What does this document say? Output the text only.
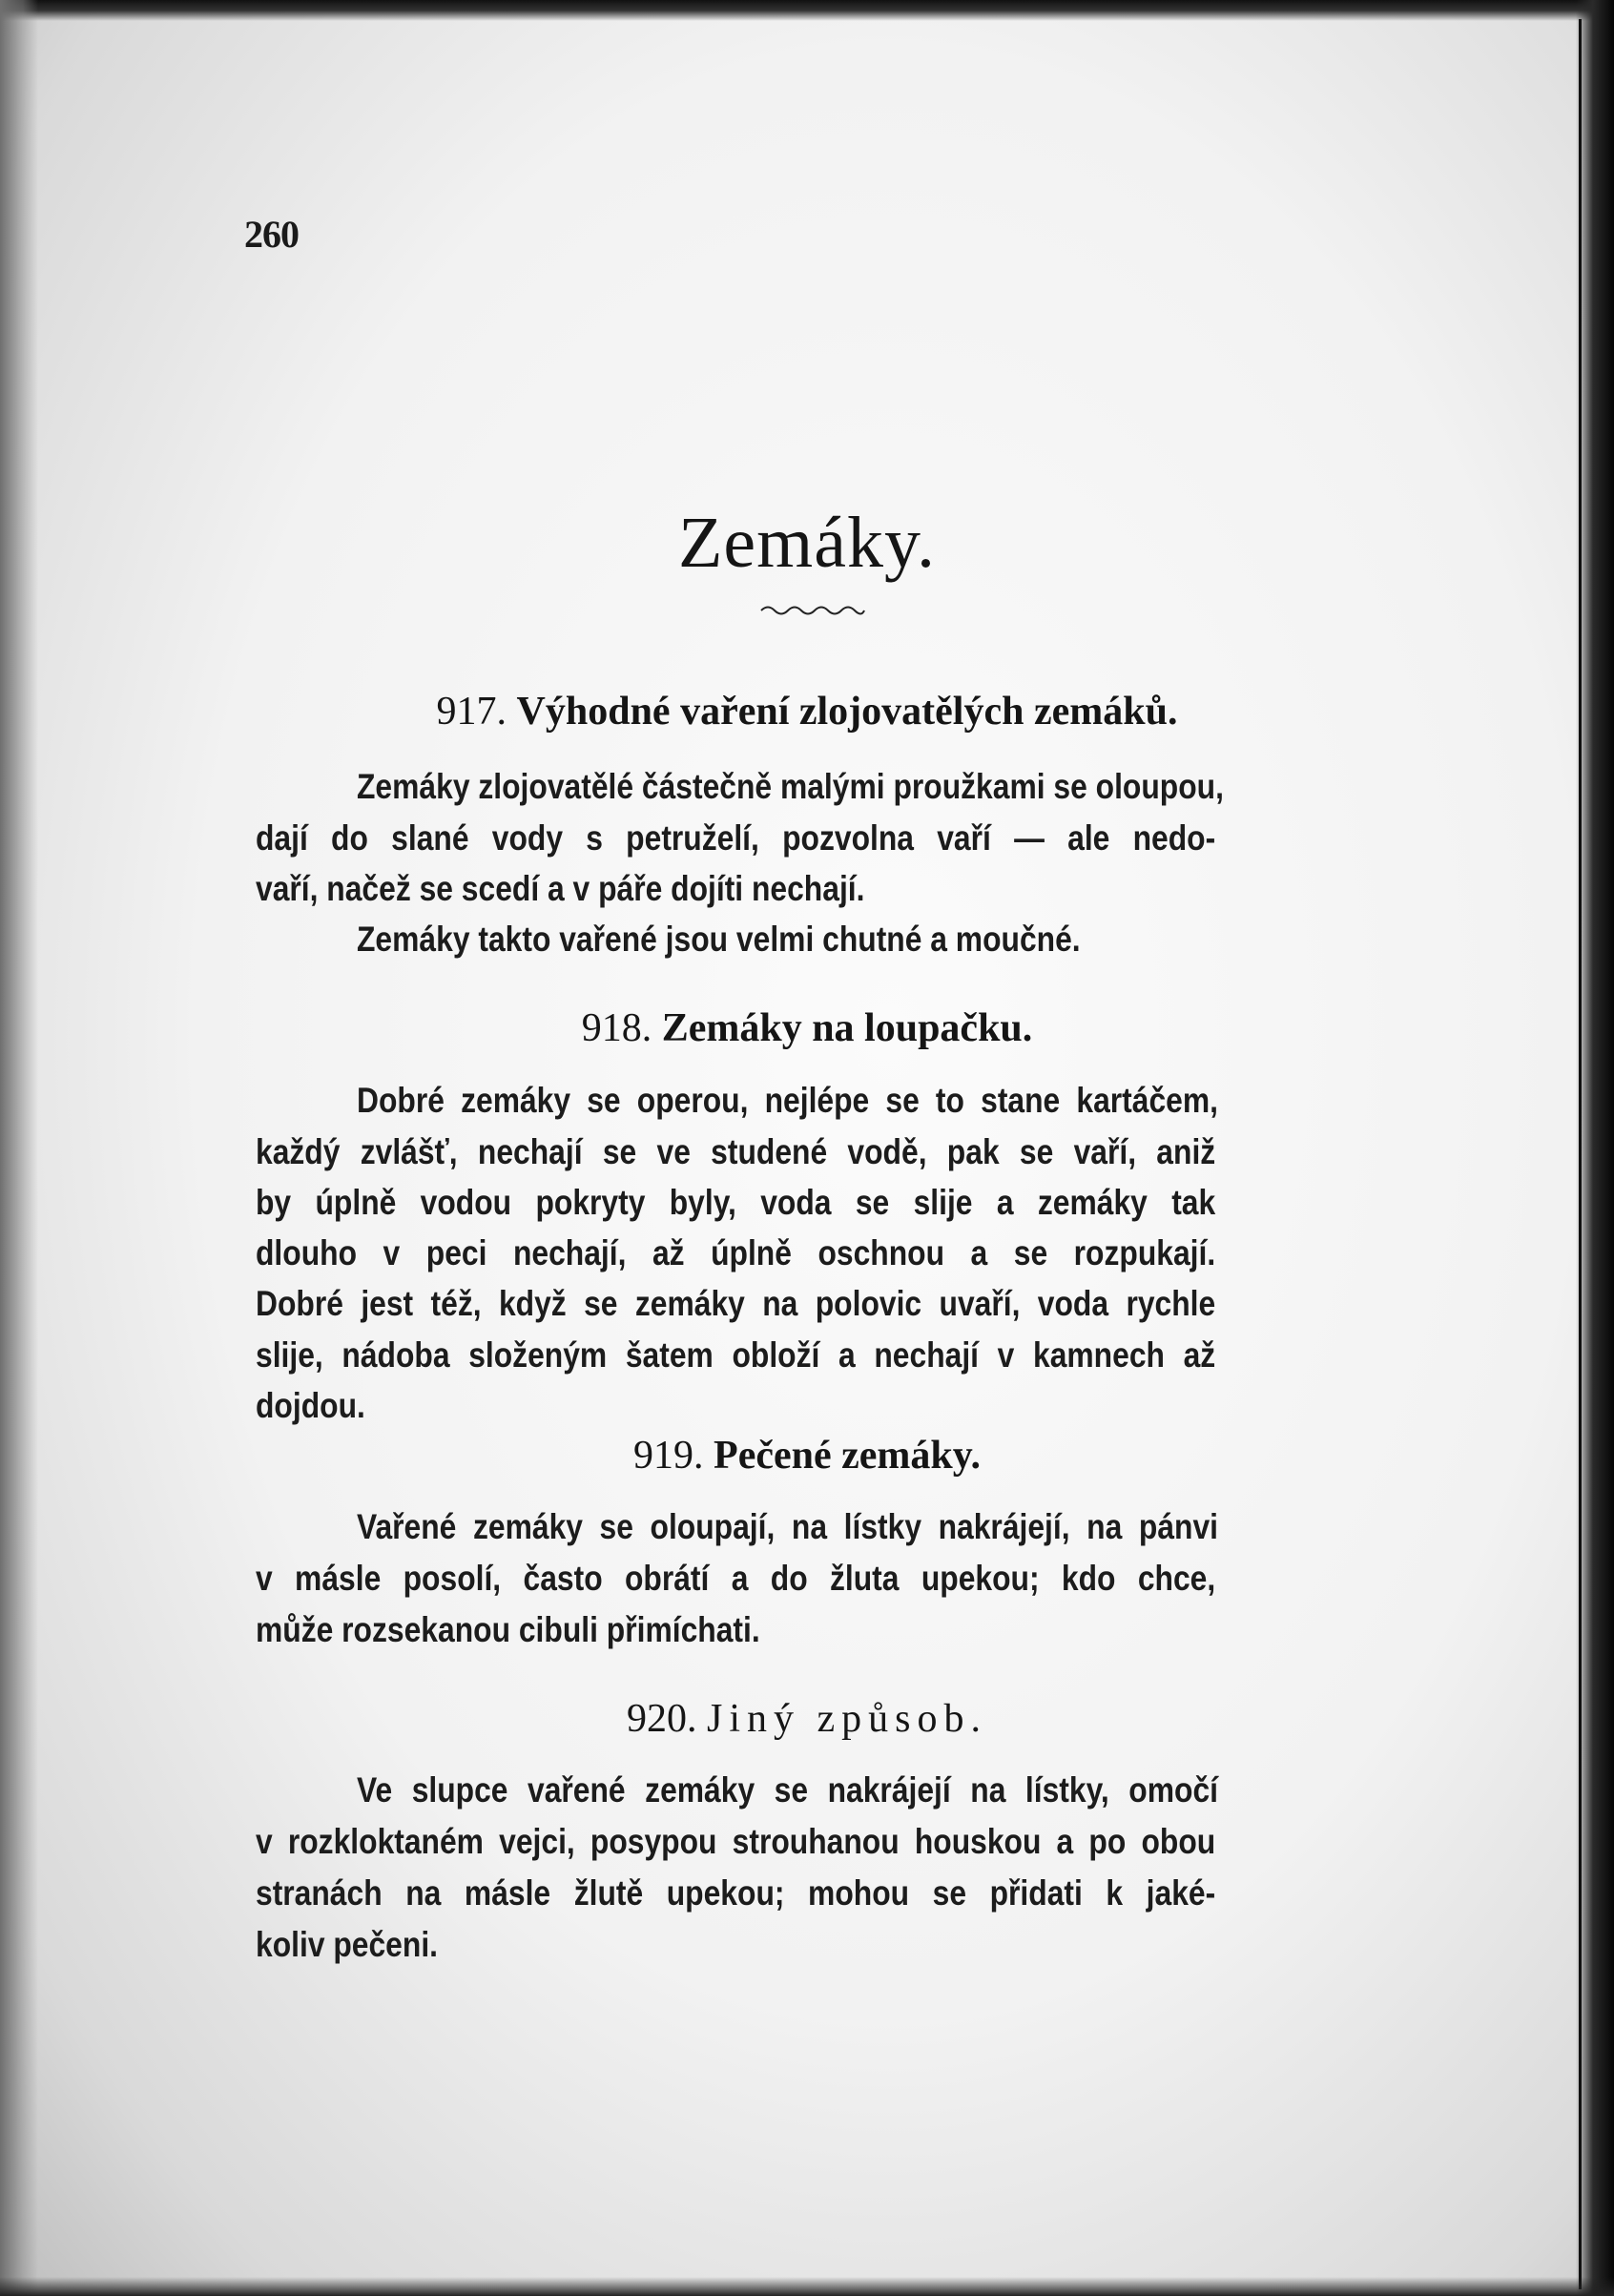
260
Zemáky.
917. Výhodné vaření zlojovatělých zemáků.
Zemáky zlojovatělé částečně malými proužkami se oloupou,
dají do slané vody s petruželí, pozvolna vaří — ale nedo-
vaří, načež se scedí a v páře dojíti nechají.
Zemáky takto vařené jsou velmi chutné a moučné.
918. Zemáky na loupačku.
Dobré zemáky se operou, nejlépe se to stane kartáčem,
každý zvlášť, nechají se ve studené vodě, pak se vaří, aniž
by úplně vodou pokryty byly, voda se slije a zemáky tak
dlouho v peci nechají, až úplně oschnou a se rozpukají.
Dobré jest též, když se zemáky na polovic uvaří, voda rychle
slije, nádoba složeným šatem obloží a nechají v kamnech až
dojdou.
919. Pečené zemáky.
Vařené zemáky se oloupají, na lístky nakrájejí, na pánvi
v másle posolí, často obrátí a do žluta upekou; kdo chce,
může rozsekanou cibuli přimíchati.
920. Jiný způsob.
Ve slupce vařené zemáky se nakrájejí na lístky, omočí
v rozkloktaném vejci, posypou strouhanou houskou a po obou
stranách na másle žlutě upekou; mohou se přidati k jaké-
koliv pečeni.
